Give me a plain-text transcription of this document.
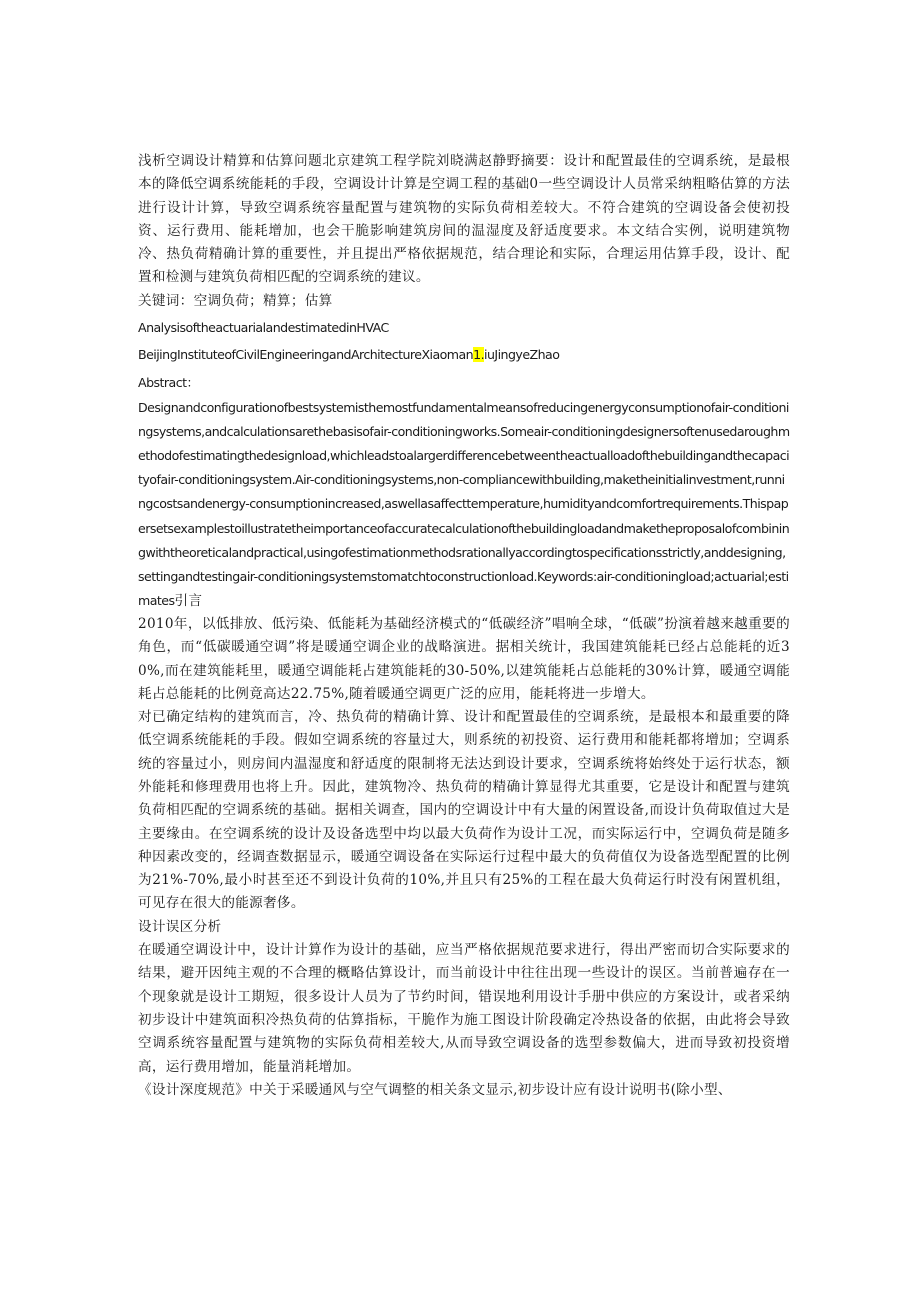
浅析空调设计精算和估算问题北京建筑工程学院刘晓满赵静野摘要：设计和配置最佳的空调系统，是最根本的降低空调系统能耗的手段，空调设计计算是空调工程的基础0一些空调设计人员常采纳粗略估算的方法进行设计计算，导致空调系统容量配置与建筑物的实际负荷相差较大。不符合建筑的空调设备会使初投资、运行费用、能耗增加，也会干脆影响建筑房间的温湿度及舒适度要求。本文结合实例，说明建筑物冷、热负荷精确计算的重要性，并且提出严格依据规范，结合理论和实际，合理运用估算手段，设计、配置和检测与建筑负荷相匹配的空调系统的建议。

关键词：空调负荷；精算；估算

AnalysisoftheactuarialandestimatedinHVAC

BeijingInstituteofCivilEngineeringandArchitectureXiaoman1.iuJingyeZhao

Abstract：

Designandconfigurationofbestsystemisthemostfundamentalmeansofreducingenergyconsumptionofair-conditioningsystems,andcalculationsarethebasisofair-conditioningworks.Someair-conditioningdesignersoftenusedaroughmethodofestimatingthedesignload,whichleadstoalargerdifferencebetweentheactualloadofthebuildingandthecapacityofair-conditioningsystem.Air-conditioningsystems,non-compliancewithbuilding,maketheinitialinvestment,runningcostsandenergy-consumptionincreased,aswellasaffecttemperature,humidityandcomfortrequirements.Thispapersetsexamplestoillustratetheimportanceofaccuratecalculationofthebuildingloadandmaketheproposalofcombiningwiththeoreticalandpractical,usingofestimationmethodsrationallyaccordingtospecificationsstrictly,anddesigning,settingandtestingair-conditioningsystemstomatchtoconstructionload.Keywords:air-conditioningload;actuarial;estimates引言

2010年，以低排放、低污染、低能耗为基础经济模式的“低碳经济”唱响全球，“低碳”扮演着越来越重要的角色，而“低碳暖通空调”将是暖通空调企业的战略演进。据相关统计，我国建筑能耗已经占总能耗的近30%,而在建筑能耗里，暖通空调能耗占建筑能耗的30-50%,以建筑能耗占总能耗的30%计算，暖通空调能耗占总能耗的比例竟高达22.75%,随着暖通空调更广泛的应用，能耗将进一步增大。

对已确定结构的建筑而言，冷、热负荷的精确计算、设计和配置最佳的空调系统，是最根本和最重要的降低空调系统能耗的手段。假如空调系统的容量过大，则系统的初投资、运行费用和能耗都将增加；空调系统的容量过小，则房间内温湿度和舒适度的限制将无法达到设计要求，空调系统将始终处于运行状态，额外能耗和修理费用也将上升。因此，建筑物冷、热负荷的精确计算显得尤其重要，它是设计和配置与建筑负荷相匹配的空调系统的基础。据相关调查，国内的空调设计中有大量的闲置设备,而设计负荷取值过大是主要缘由。在空调系统的设计及设备选型中均以最大负荷作为设计工况，而实际运行中，空调负荷是随多种因素改变的，经调查数据显示，暖通空调设备在实际运行过程中最大的负荷值仅为设备选型配置的比例为21%-70%,最小时甚至还不到设计负荷的10%,并且只有25%的工程在最大负荷运行时没有闲置机组，可见存在很大的能源奢侈。

设计误区分析

在暖通空调设计中，设计计算作为设计的基础，应当严格依据规范要求进行，得出严密而切合实际要求的结果，避开因纯主观的不合理的概略估算设计，而当前设计中往往出现一些设计的误区。当前普遍存在一个现象就是设计工期短，很多设计人员为了节约时间，错误地利用设计手册中供应的方案设计，或者采纳初步设计中建筑面积冷热负荷的估算指标，干脆作为施工图设计阶段确定冷热设备的依据，由此将会导致空调系统容量配置与建筑物的实际负荷相差较大,从而导致空调设备的选型参数偏大，进而导致初投资增高，运行费用增加，能量消耗增加。

《设计深度规范》中关于采暖通风与空气调整的相关条文显示,初步设计应有设计说明书(除小型、
